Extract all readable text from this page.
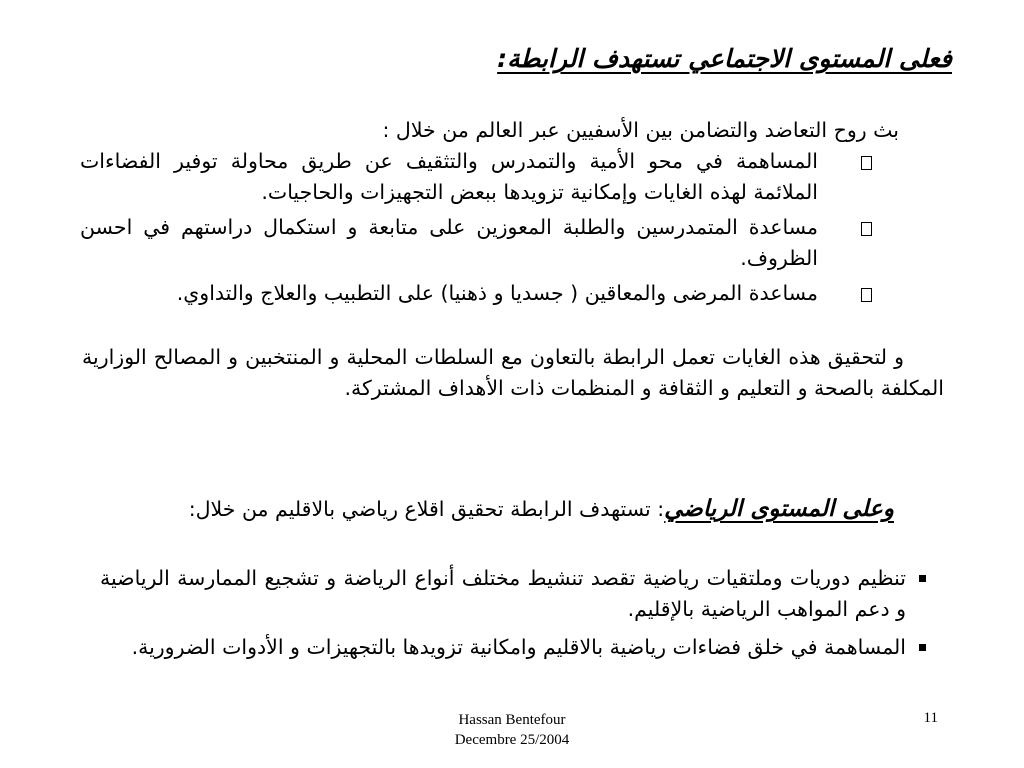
فعلى المستوى الاجتماعي تستهدف الرابطة:
بث روح التعاضد والتضامن بين الأسفيين عبر العالم من خلال :
المساهمة في محو الأمية والتمدرس والتثقيف عن طريق محاولة توفير الفضاءات الملائمة لهذه الغايات وإمكانية تزويدها ببعض التجهيزات والحاجيات.
مساعدة المتمدرسين والطلبة المعوزين على متابعة و استكمال دراستهم في احسن الظروف.
مساعدة المرضى والمعاقين ( جسديا و ذهنيا) على التطبيب والعلاج والتداوي.
و لتحقيق هذه الغايات تعمل الرابطة بالتعاون مع السلطات المحلية و المنتخبين و المصالح الوزارية المكلفة بالصحة و التعليم و الثقافة و المنظمات ذات الأهداف المشتركة.
وعلى المستوى الرياضي: تستهدف الرابطة تحقيق اقلاع رياضي بالاقليم من خلال:
تنظيم دوريات وملتقيات رياضية تقصد تنشيط مختلف أنواع الرياضة و تشجيع الممارسة الرياضية و دعم المواهب الرياضية بالإقليم.
المساهمة في خلق فضاءات رياضية بالاقليم وامكانية تزويدها بالتجهيزات و الأدوات الضرورية.
Hassan Bentefour
Decembre 25/2004
11
